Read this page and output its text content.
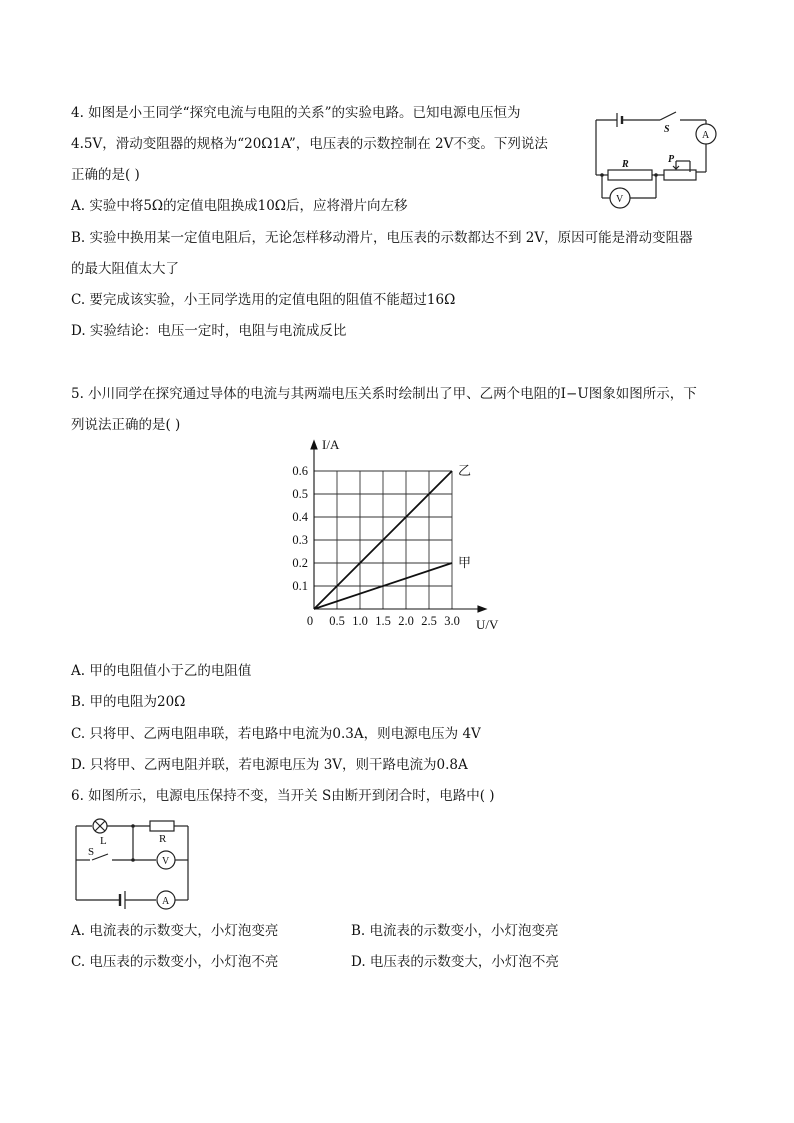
4. 如图是小王同学“探究电流与电阻的关系”的实验电路。已知电源电压恒为
4.5V，滑动变阻器的规格为“20Ω1A”，电压表的示数控制在 2V不变。下列说法
正确的是( )
A. 实验中将5Ω的定值电阻换成10Ω后，应将滑片向左移
B. 实验中换用某一定值电阻后，无论怎样移动滑片，电压表的示数都达不到 2V，原因可能是滑动变阻器
的最大阻值太大了
C. 要完成该实验，小王同学选用的定值电阻的阻值不能超过16Ω
D. 实验结论：电压一定时，电阻与电流成反比
S
A
R	P
V
5. 小川同学在探究通过导体的电流与其两端电压关系时绘制出了甲、乙两个电阻的I−U图象如图所示，下
列说法正确的是( )
乙
甲
0.5 1.0 1.5 2.0 2.5 3.0
0.1
0.2
0.3
0.4
0.5
0.6
0	U/V
I/A
A. 甲的电阻值小于乙的电阻值
B. 甲的电阻为20Ω
C. 只将甲、乙两电阻串联，若电路中电流为0.3A，则电源电压为 4V
D. 只将甲、乙两电阻并联，若电源电压为 3V，则干路电流为0.8A
6. 如图所示，电源电压保持不变，当开关 S由断开到闭合时，电路中( )
L	R
S
V
A
A. 电流表的示数变大，小灯泡变亮	B. 电流表的示数变小，小灯泡变亮
C. 电压表的示数变小，小灯泡不亮	D. 电压表的示数变大，小灯泡不亮
